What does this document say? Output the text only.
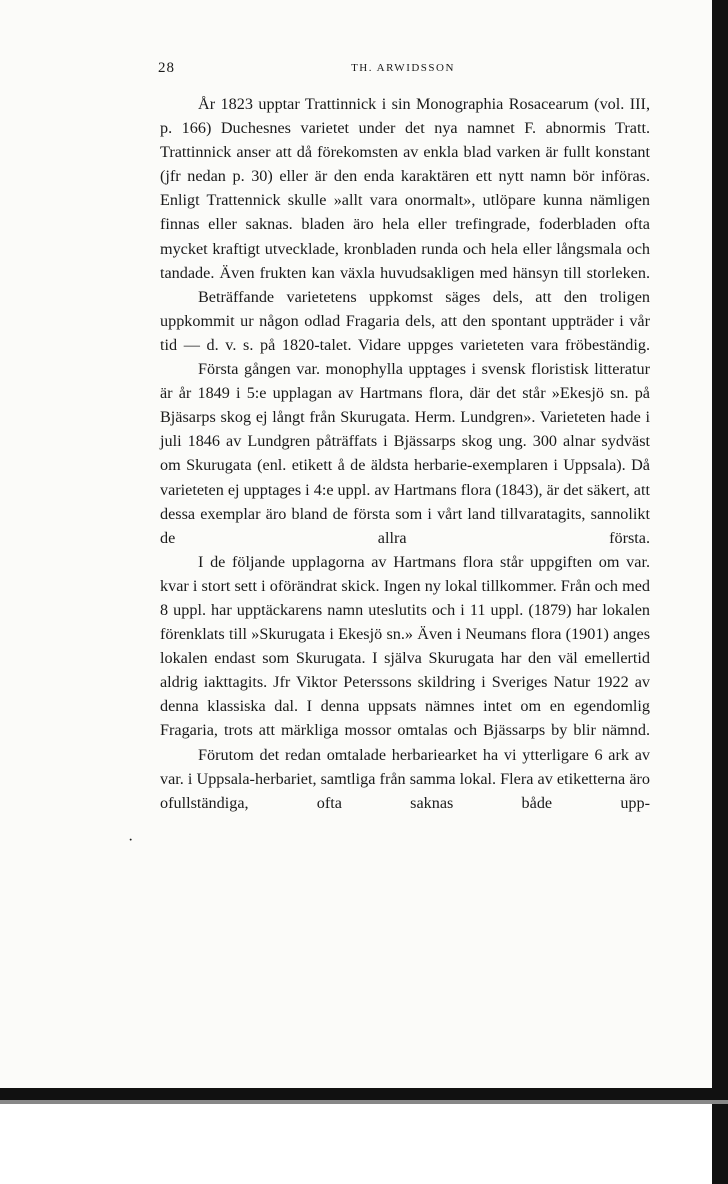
28	TH. ARWIDSSON
·

År 1823 upptar Trattinnick i sin Monographia Rosacearum (vol. III, p. 166) Duchesnes varietet under det nya namnet F. abnormis Tratt. Trattinnick anser att då förekomsten av enkla blad varken är fullt konstant (jfr nedan p. 30) eller är den enda karaktären ett nytt namn bör införas. Enligt Trattennick skulle »allt vara onormalt», utlöpare kunna nämligen finnas eller saknas. bladen äro hela eller trefingrade, foderbladen ofta mycket kraftigt utvecklade, kronbladen runda och hela eller långsmala och tandade. Även frukten kan växla huvudsakligen med hänsyn till storleken.

Beträffande varietetens uppkomst säges dels, att den troligen uppkommit ur någon odlad Fragaria dels, att den spontant uppträder i vår tid — d. v. s. på 1820-talet. Vidare uppges varieteten vara fröbeständig.

Första gången var. monophylla upptages i svensk floristisk litteratur är år 1849 i 5:e upplagan av Hartmans flora, där det står »Ekesjö sn. på Bjäsarps skog ej långt från Skurugata. Herm. Lundgren». Varieteten hade i juli 1846 av Lundgren påträffats i Bjässarps skog ung. 300 alnar sydväst om Skurugata (enl. etikett å de äldsta herbarie-exemplaren i Uppsala). Då varieteten ej upptages i 4:e uppl. av Hartmans flora (1843), är det säkert, att dessa exemplar äro bland de första som i vårt land tillvaratagits, sannolikt de allra första.

I de följande upplagorna av Hartmans flora står uppgiften om var. kvar i stort sett i oförändrat skick. Ingen ny lokal tillkommer. Från och med 8 uppl. har upptäckarens namn uteslutits och i 11 uppl. (1879) har lokalen förenklats till »Skurugata i Ekesjö sn.» Även i Neumans flora (1901) anges lokalen endast som Skurugata. I själva Skurugata har den väl emellertid aldrig iakttagits. Jfr Viktor Peterssons skildring i Sveriges Natur 1922 av denna klassiska dal. I denna uppsats nämnes intet om en egendomlig Fragaria, trots att märkliga mossor omtalas och Bjässarps by blir nämnd.

Förutom det redan omtalade herbariearket ha vi ytterligare 6 ark av var. i Uppsala-herbariet, samtliga från samma lokal. Flera av etiketterna äro ofullständiga, ofta saknas både upp-
